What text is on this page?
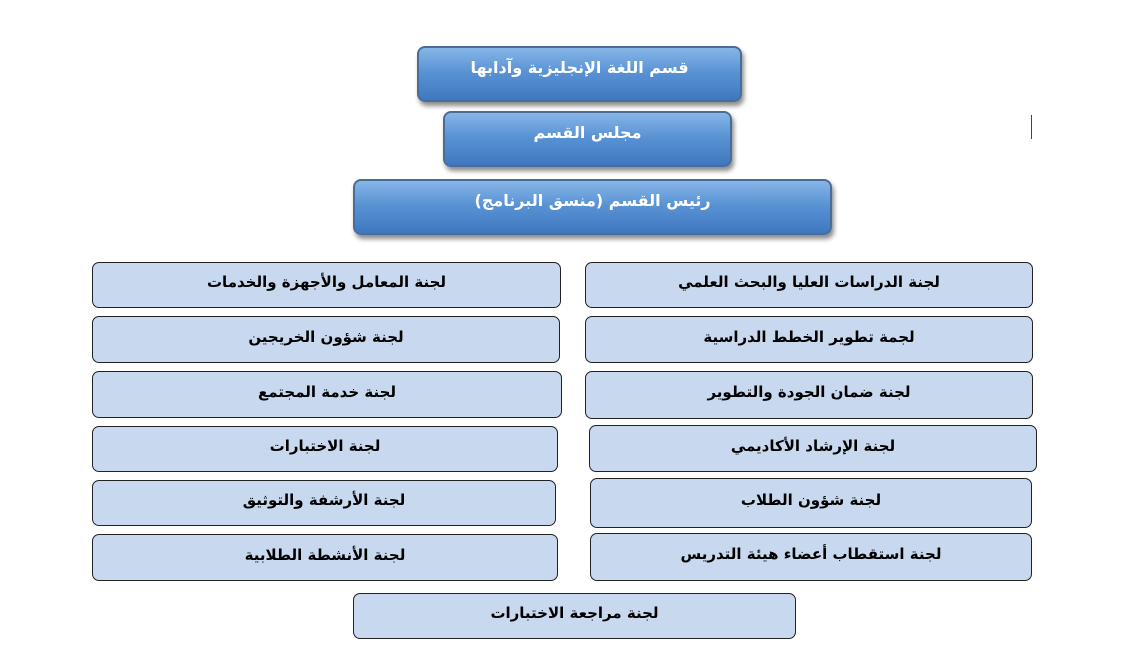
قسم اللغة الإنجليزية وآدابها
مجلس القسم
رئيس القسم (منسق البرنامج)
لجنة الدراسات العليا والبحث العلمي
لجمة تطوير الخطط الدراسية
لجنة ضمان الجودة والتطوير
لجنة الإرشاد الأكاديمي
لجنة شؤون الطلاب
لجنة استقطاب أعضاء هيئة التدريس
لجنة المعامل والأجهزة والخدمات
لجنة شؤون الخريجين
لجنة خدمة المجتمع
لجنة الاختبارات
لجنة الأرشفة والتوثيق
لجنة الأنشطة الطلابية
لجنة مراجعة الاختبارات
